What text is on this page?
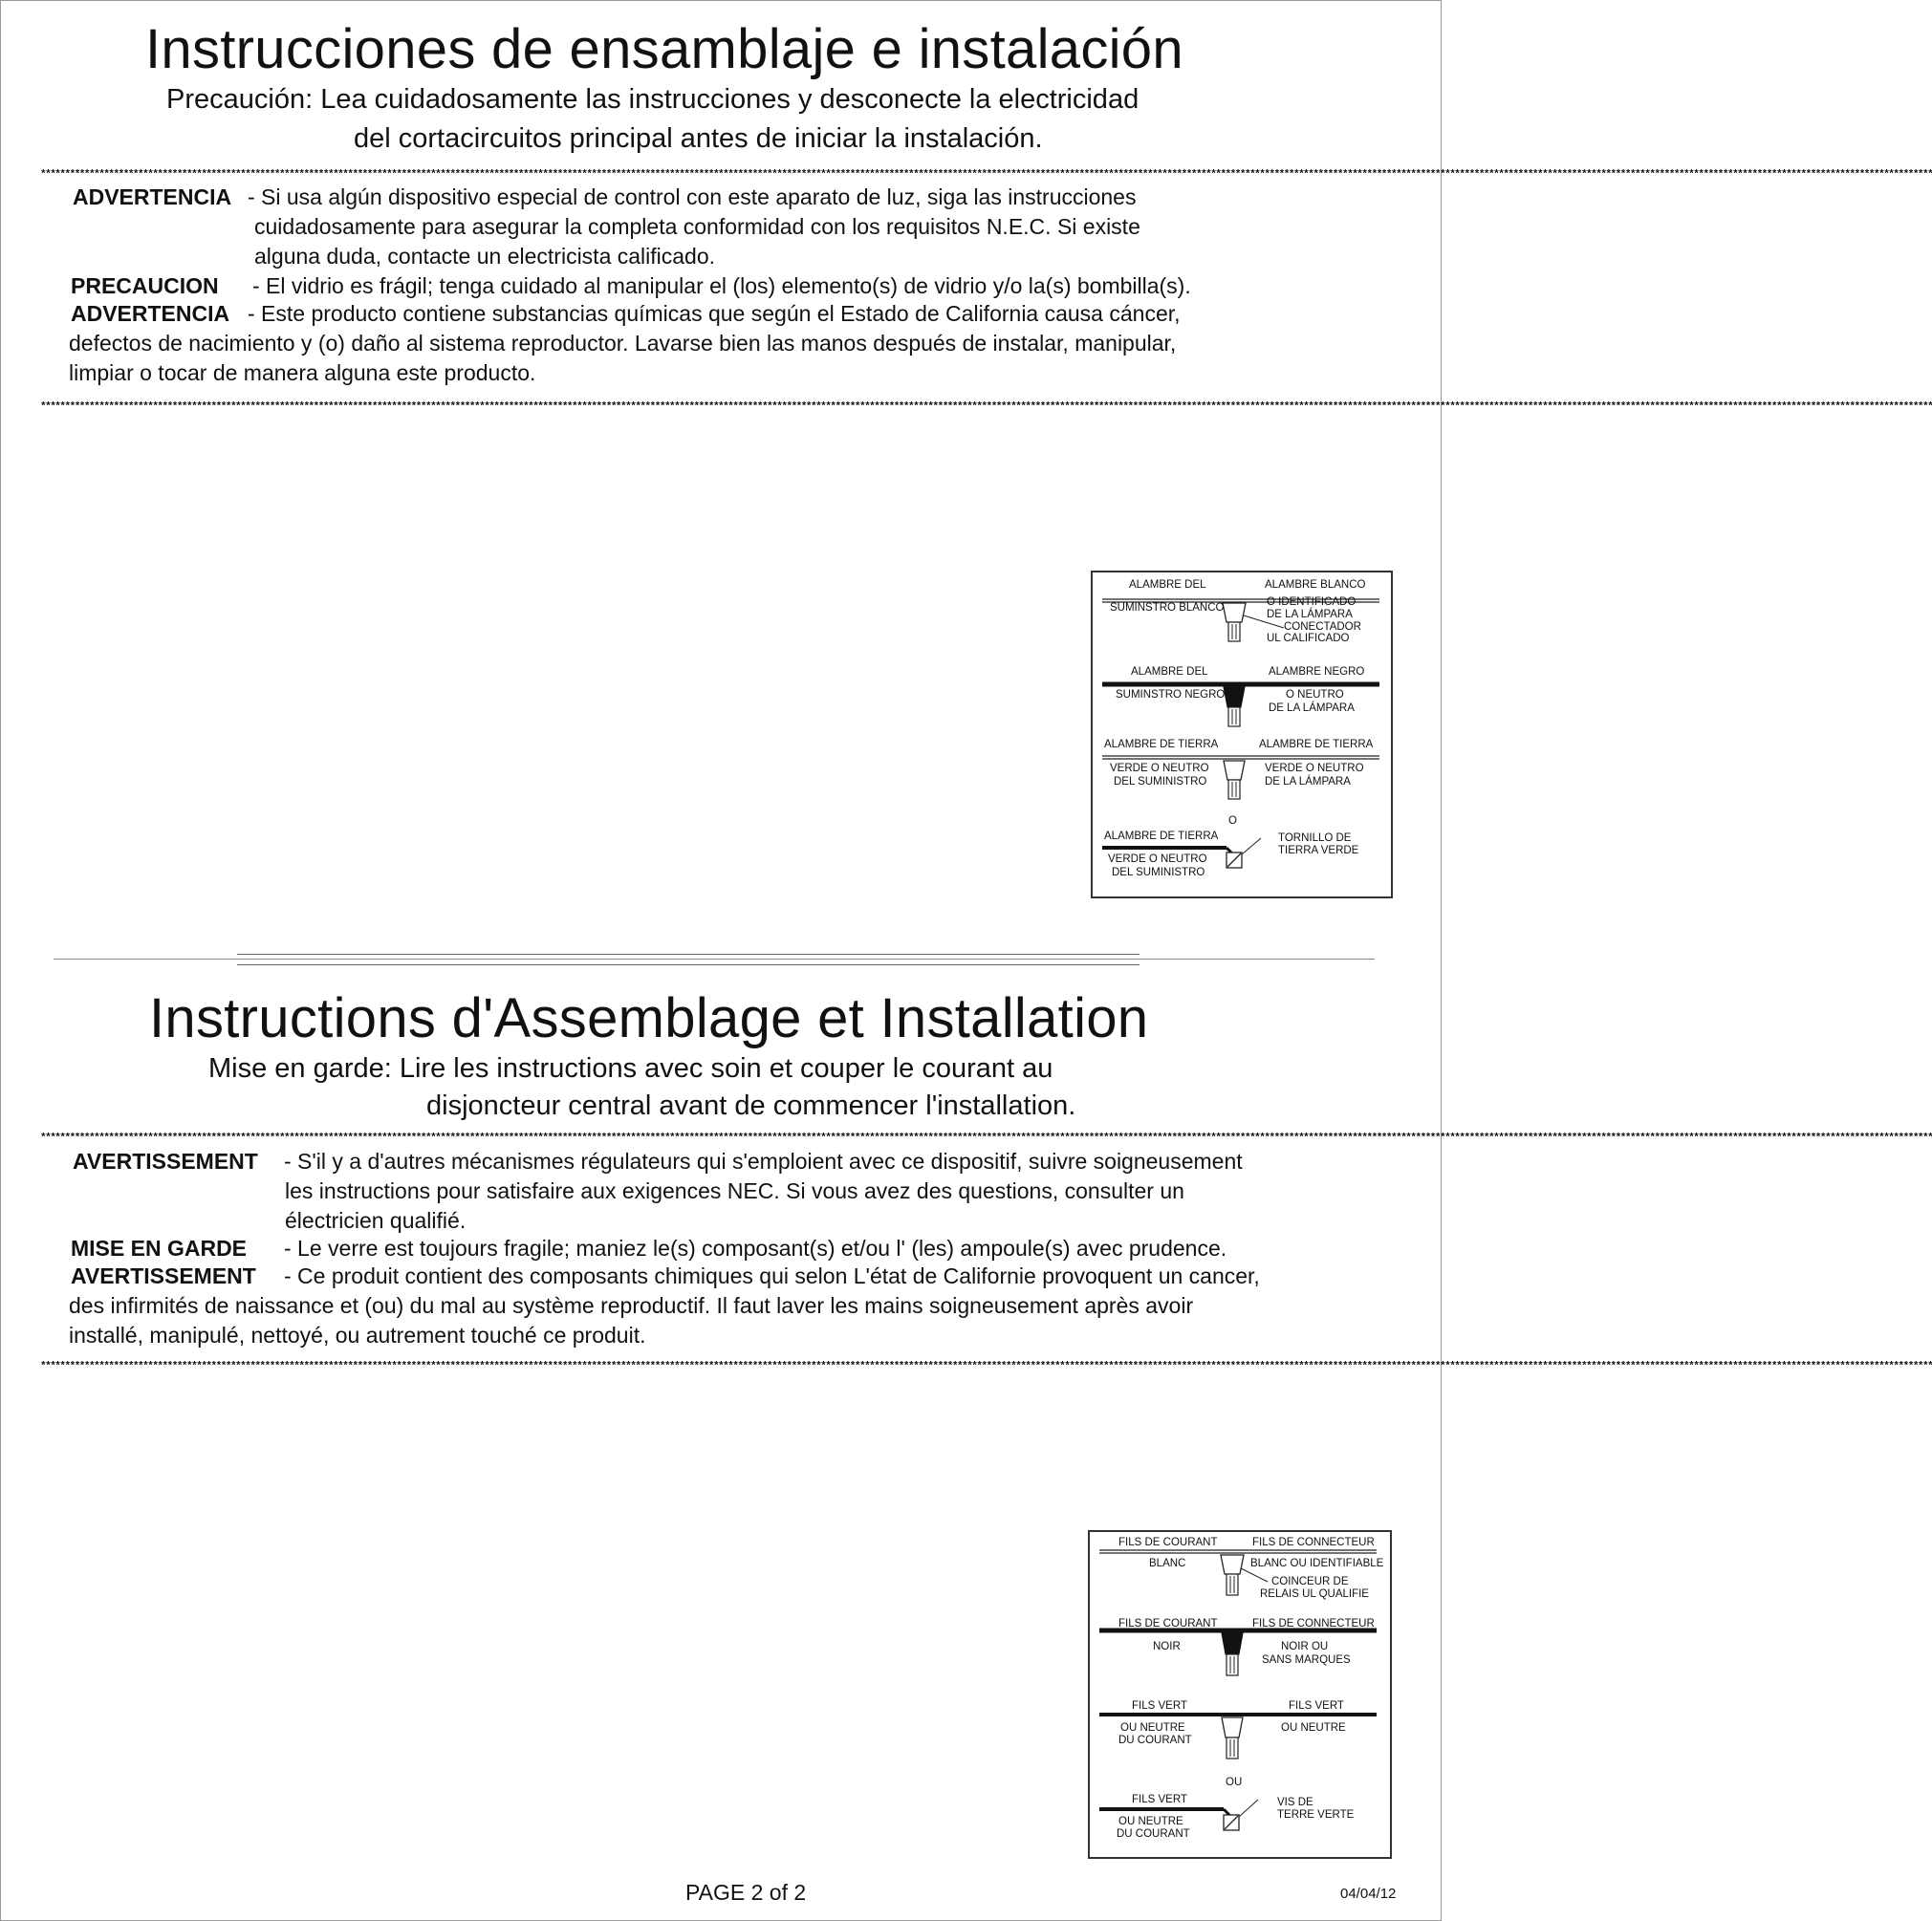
Instrucciones de ensamblaje e instalación
Precaución: Lea cuidadosamente las instrucciones y desconecte la electricidad
del cortacircuitos principal antes de iniciar la instalación.
****************************************************************************************************************************************************************************************************************************************************************************************************************************************************************************************************
ADVERTENCIA - Si usa algún dispositivo especial de control con este aparato de luz, siga las instrucciones
cuidadosamente para asegurar la completa conformidad con los requisitos N.E.C. Si existe
alguna duda, contacte un electricista calificado.
PRECAUCION - El vidrio es frágil; tenga cuidado al manipular el (los) elemento(s) de vidrio y/o la(s) bombilla(s).
ADVERTENCIA - Este producto contiene substancias químicas que según el Estado de California causa cáncer,
defectos de nacimiento y (o) daño al sistema reproductor. Lavarse bien las manos después de instalar, manipular,
limpiar o tocar de manera alguna este producto.
****************************************************************************************************************************************************************************************************************************************************************************************************************************************************************************************************
ALAMBRE DEL
SUMINSTRO BLANCO
ALAMBRE BLANCO
O IDENTIFICADO
DE LA LÁMPARA
CONECTADOR
UL CALIFICADO
ALAMBRE DEL
SUMINSTRO NEGRO
ALAMBRE NEGRO
O NEUTRO
DE LA LÁMPARA
ALAMBRE DE TIERRA
VERDE O NEUTRO
DEL SUMINISTRO
ALAMBRE DE TIERRA
VERDE O NEUTRO
DE LA LÁMPARA
O
ALAMBRE DE TIERRA
VERDE O NEUTRO
DEL SUMINISTRO
TORNILLO DE
TIERRA VERDE
Instructions d'Assemblage et Installation
Mise en garde: Lire les instructions avec soin et couper le courant au
disjoncteur central avant de commencer l'installation.
****************************************************************************************************************************************************************************************************************************************************************************************************************************************************************************************************
AVERTISSEMENT - S'il y a d'autres mécanismes régulateurs qui s'emploient avec ce dispositif, suivre soigneusement
les instructions pour satisfaire aux exigences NEC. Si vous avez des questions, consulter un
électricien qualifié.
MISE EN GARDE - Le verre est toujours fragile; maniez le(s) composant(s) et/ou l' (les) ampoule(s) avec prudence.
AVERTISSEMENT - Ce produit contient des composants chimiques qui selon L'état de Californie provoquent un cancer,
des infirmités de naissance et (ou) du mal au système reproductif. Il faut laver les mains soigneusement après avoir
installé, manipulé, nettoyé, ou autrement touché ce produit.
****************************************************************************************************************************************************************************************************************************************************************************************************************************************************************************************************
FILS DE COURANT
BLANC
FILS DE CONNECTEUR
BLANC OU IDENTIFIABLE
COINCEUR DE
RELAIS UL QUALIFIE
FILS DE COURANT
NOIR
FILS DE CONNECTEUR
NOIR OU
SANS MARQUES
FILS VERT
OU NEUTRE
DU COURANT
FILS VERT
OU NEUTRE
OU
FILS VERT
OU NEUTRE
DU COURANT
VIS DE
TERRE VERTE
PAGE 2 of 2	04/04/12
